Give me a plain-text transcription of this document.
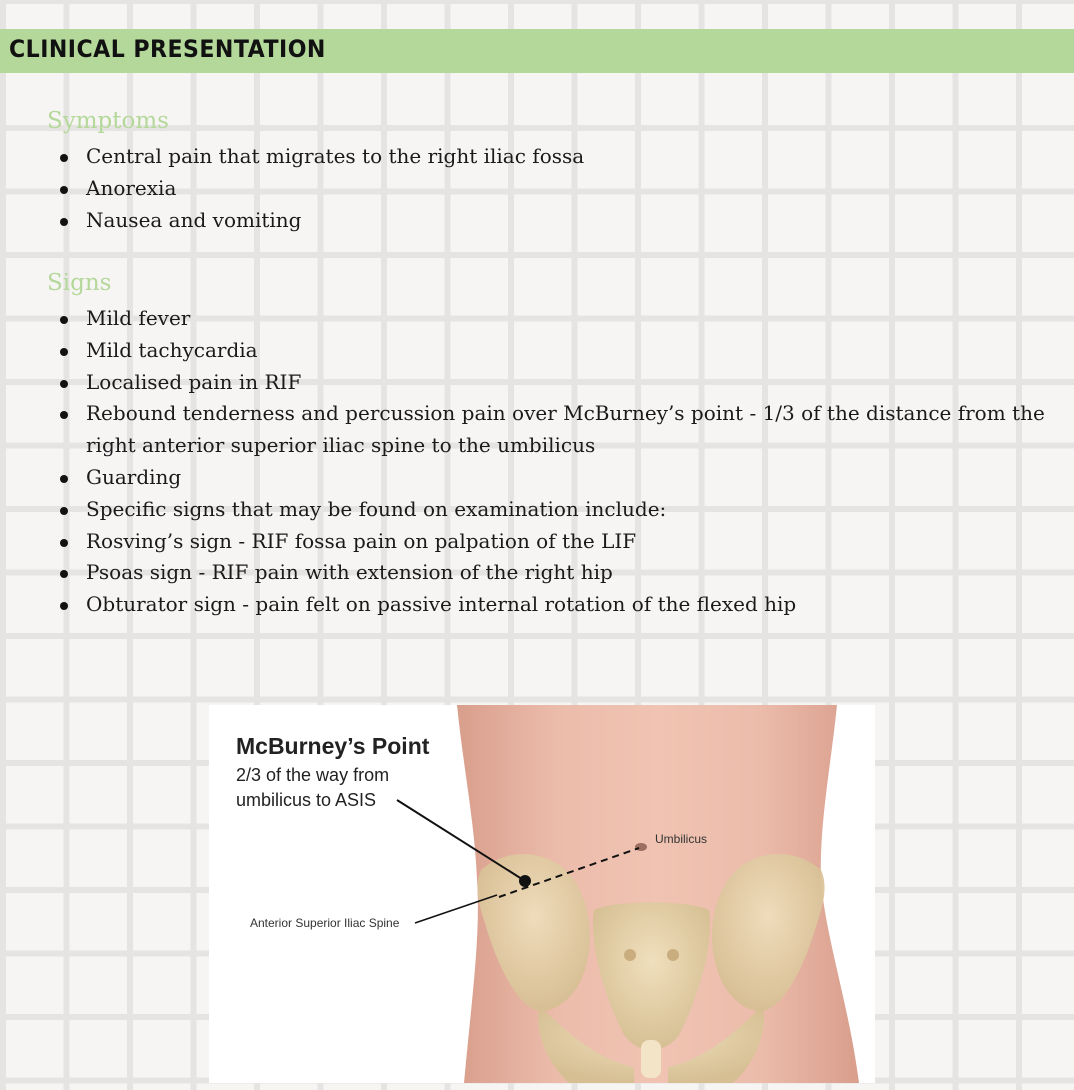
CLINICAL PRESENTATION
Symptoms
Central pain that migrates to the right iliac fossa
Anorexia
Nausea and vomiting
Signs
Mild fever
Mild tachycardia
Localised pain in RIF
Rebound tenderness and percussion pain over McBurney’s point - 1/3 of the distance from the
right anterior superior iliac spine to the umbilicus
Guarding
Specific signs that may be found on examination include:
Rosving’s sign - RIF fossa pain on palpation of the LIF
Psoas sign - RIF pain with extension of the right hip
Obturator sign - pain felt on passive internal rotation of the flexed hip
McBurney’s Point
2/3 of the way from umbilicus to ASIS
Umbilicus
Anterior Superior Iliac Spine
